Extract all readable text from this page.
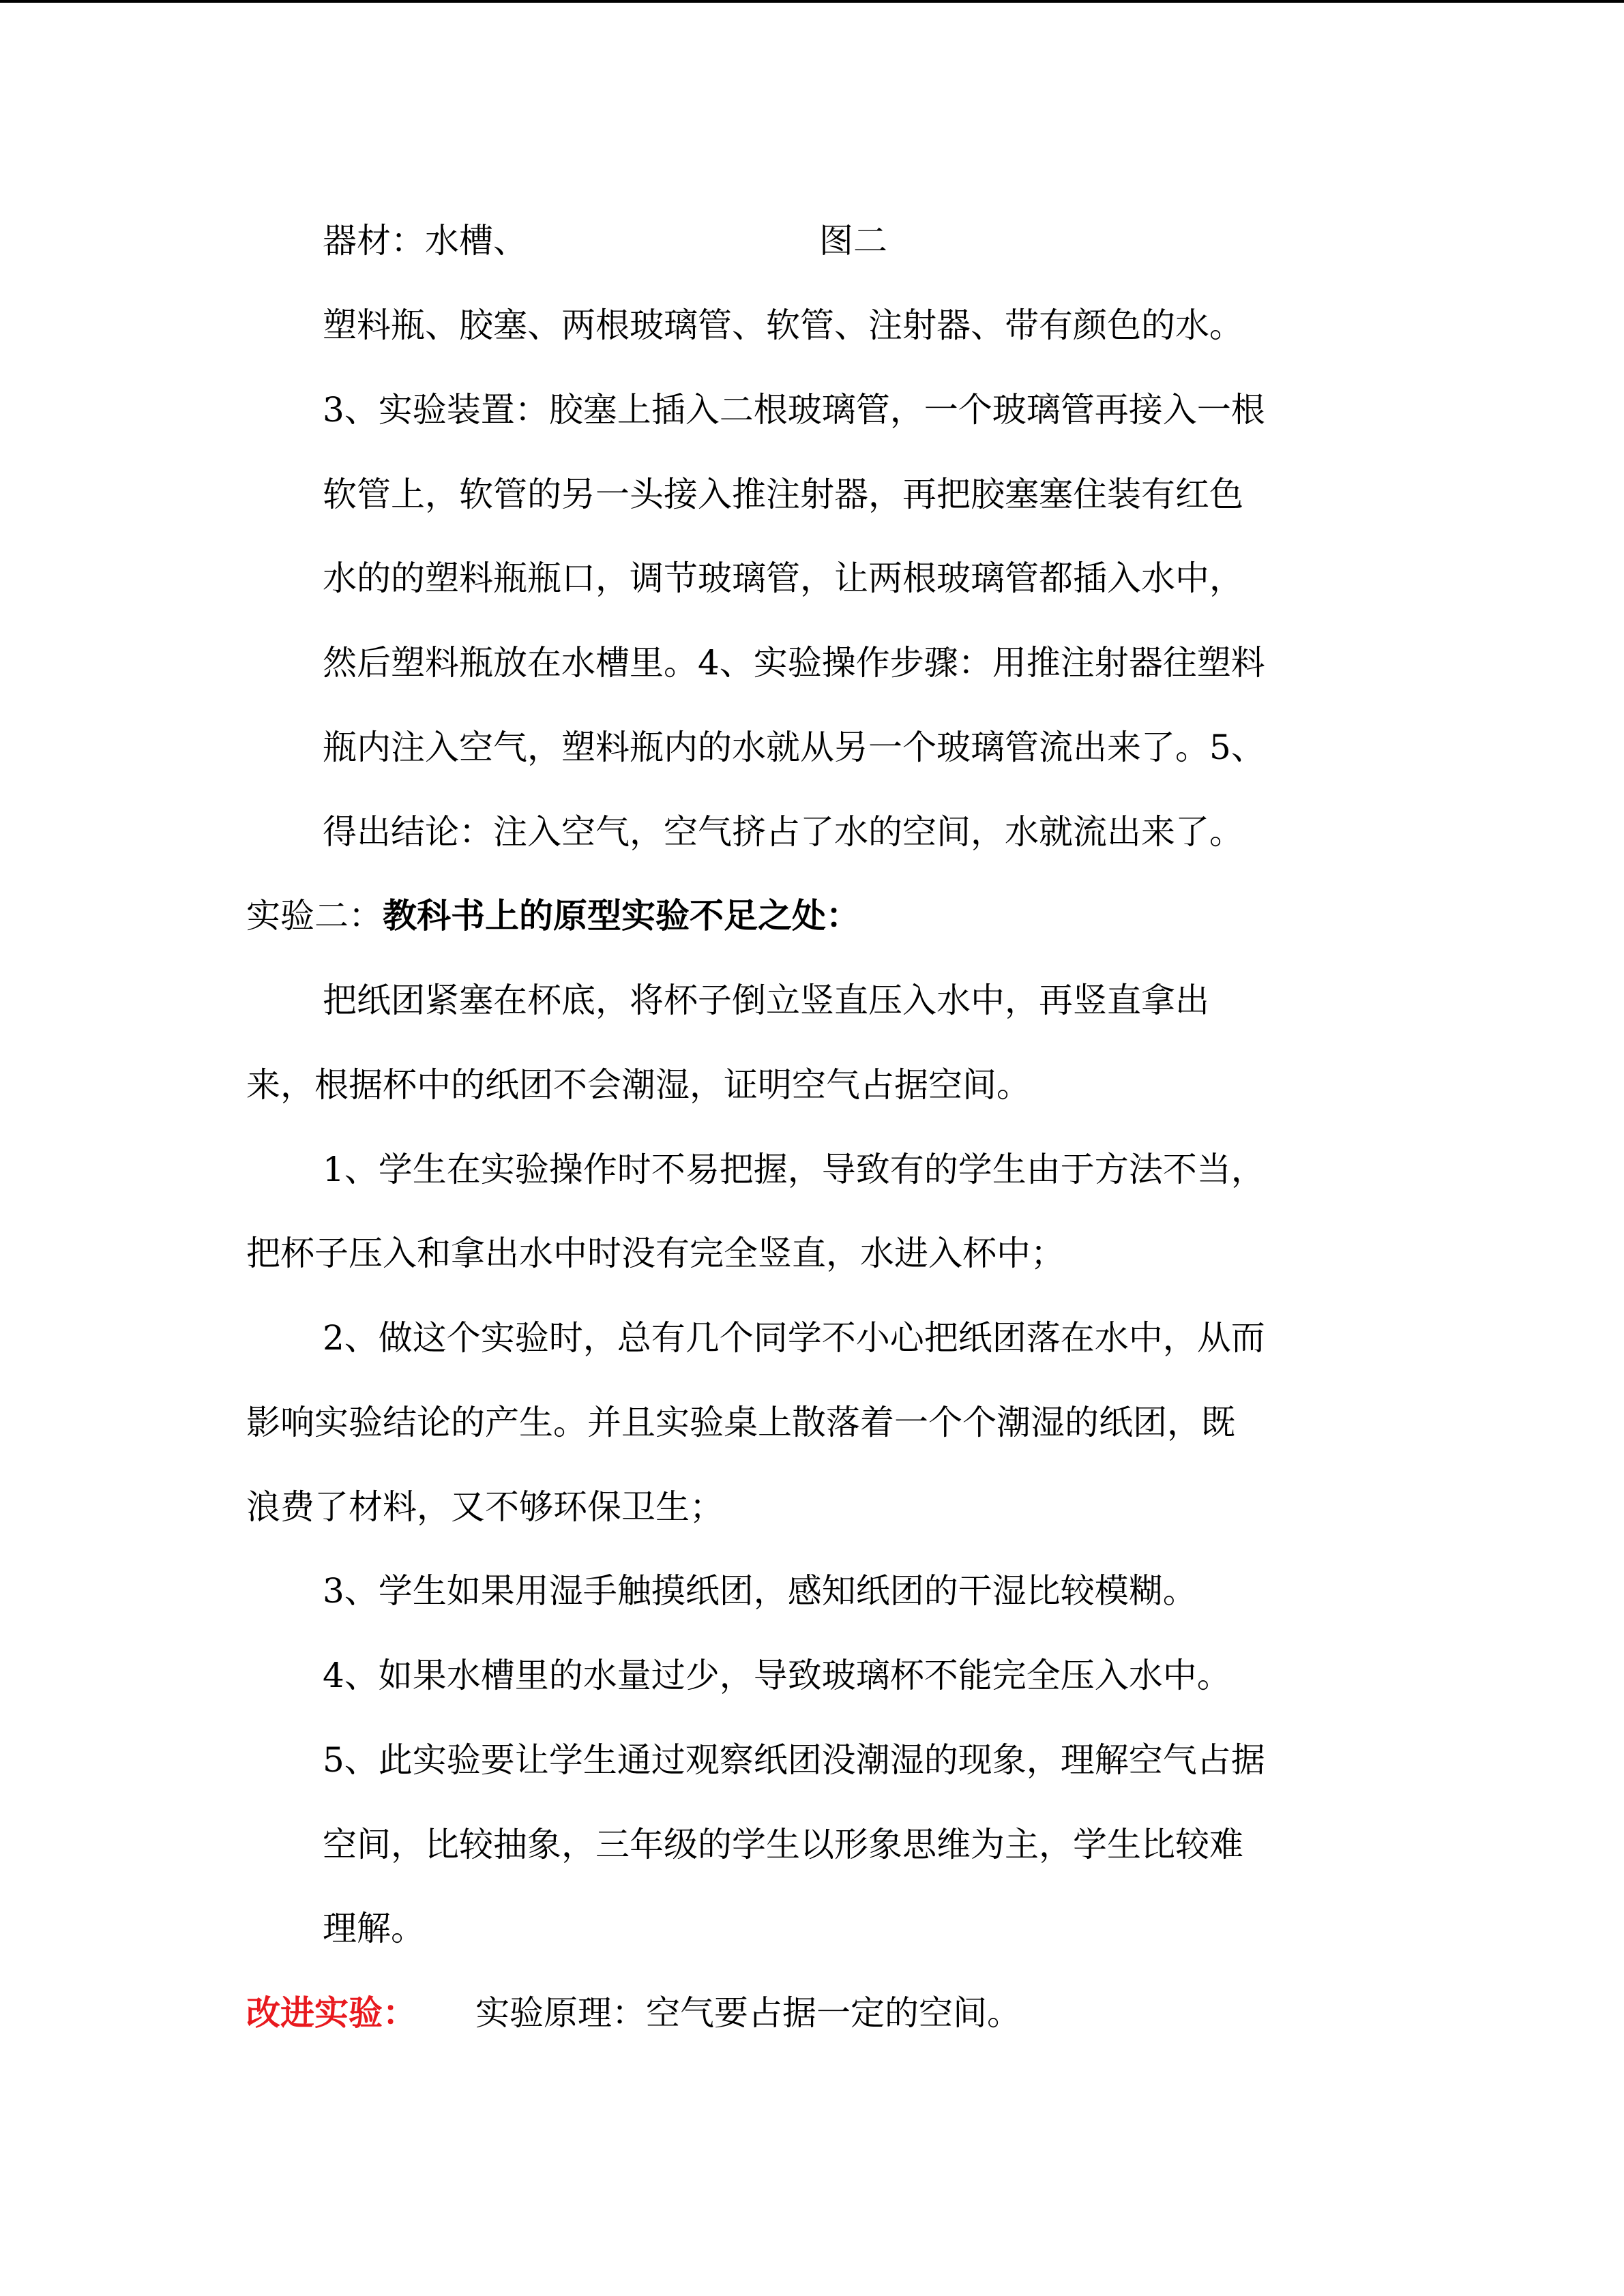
器材：水槽、	图二
塑料瓶、胶塞、两根玻璃管、软管、注射器、带有颜色的水。
3、实验装置：胶塞上插入二根玻璃管，一个玻璃管再接入一根
软管上，软管的另一头接入推注射器，再把胶塞塞住装有红色
水的的塑料瓶瓶口，调节玻璃管，让两根玻璃管都插入水中，
然后塑料瓶放在水槽里。4、实验操作步骤：用推注射器往塑料
瓶内注入空气，塑料瓶内的水就从另一个玻璃管流出来了。5、
得出结论：注入空气，空气挤占了水的空间，水就流出来了。
实验二：教科书上的原型实验不足之处：
把纸团紧塞在杯底，将杯子倒立竖直压入水中，再竖直拿出
来，根据杯中的纸团不会潮湿，证明空气占据空间。
1、学生在实验操作时不易把握，导致有的学生由于方法不当，
把杯子压入和拿出水中时没有完全竖直，水进入杯中；
2、做这个实验时，总有几个同学不小心把纸团落在水中，从而
影响实验结论的产生。并且实验桌上散落着一个个潮湿的纸团，既
浪费了材料，又不够环保卫生；
3、学生如果用湿手触摸纸团，感知纸团的干湿比较模糊。
4、如果水槽里的水量过少，导致玻璃杯不能完全压入水中。
5、此实验要让学生通过观察纸团没潮湿的现象，理解空气占据
空间，比较抽象，三年级的学生以形象思维为主，学生比较难
理解。
改进实验： 实验原理：空气要占据一定的空间。
